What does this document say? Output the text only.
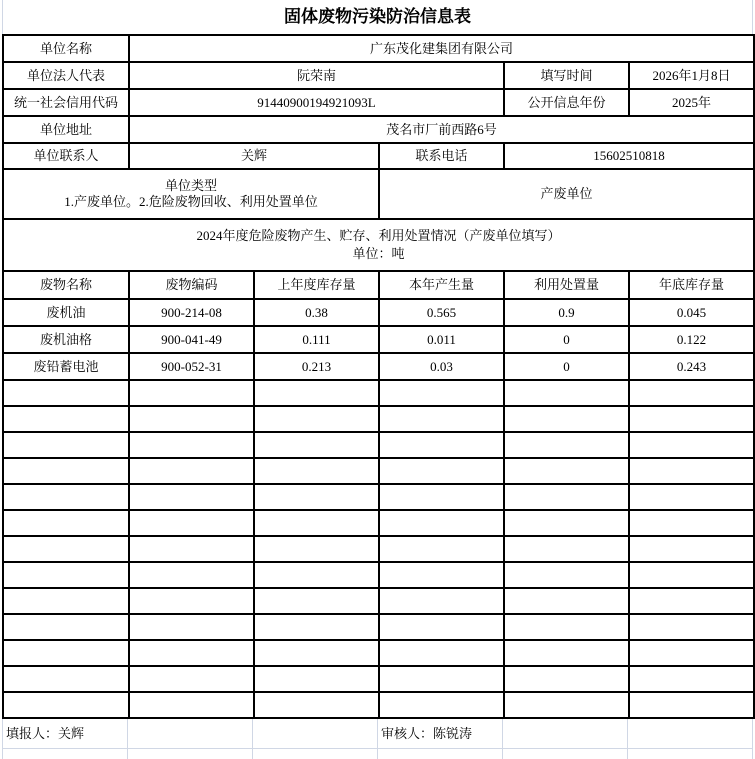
固体废物污染防治信息表
单位名称	广东茂化建集团有限公司				
单位法人代表	阮荣南			填写时间	2026年1月8日
统一社会信用代码	91440900194921093L			公开信息年份	2025年
单位地址	茂名市厂前西路6号				
单位联系人	关辉		联系电话	15602510818	

单位类型
1.产废单位。2.危险废物回收、利用处置单位			产废单位		

2024年度危险废物产生、贮存、利用处置情况（产废单位填写）
单位：吨					

废物名称	废物编码	上年度库存量	本年产生量	利用处置量	年底库存量
废机油	900-214-08	0.38	0.565	0.9	0.045
废机油格	900-041-49	0.111	0.011	0	0.122
废铅蓄电池	900-052-31	0.213	0.03	0	0.243

填报人：关辉	审核人：陈锐涛
